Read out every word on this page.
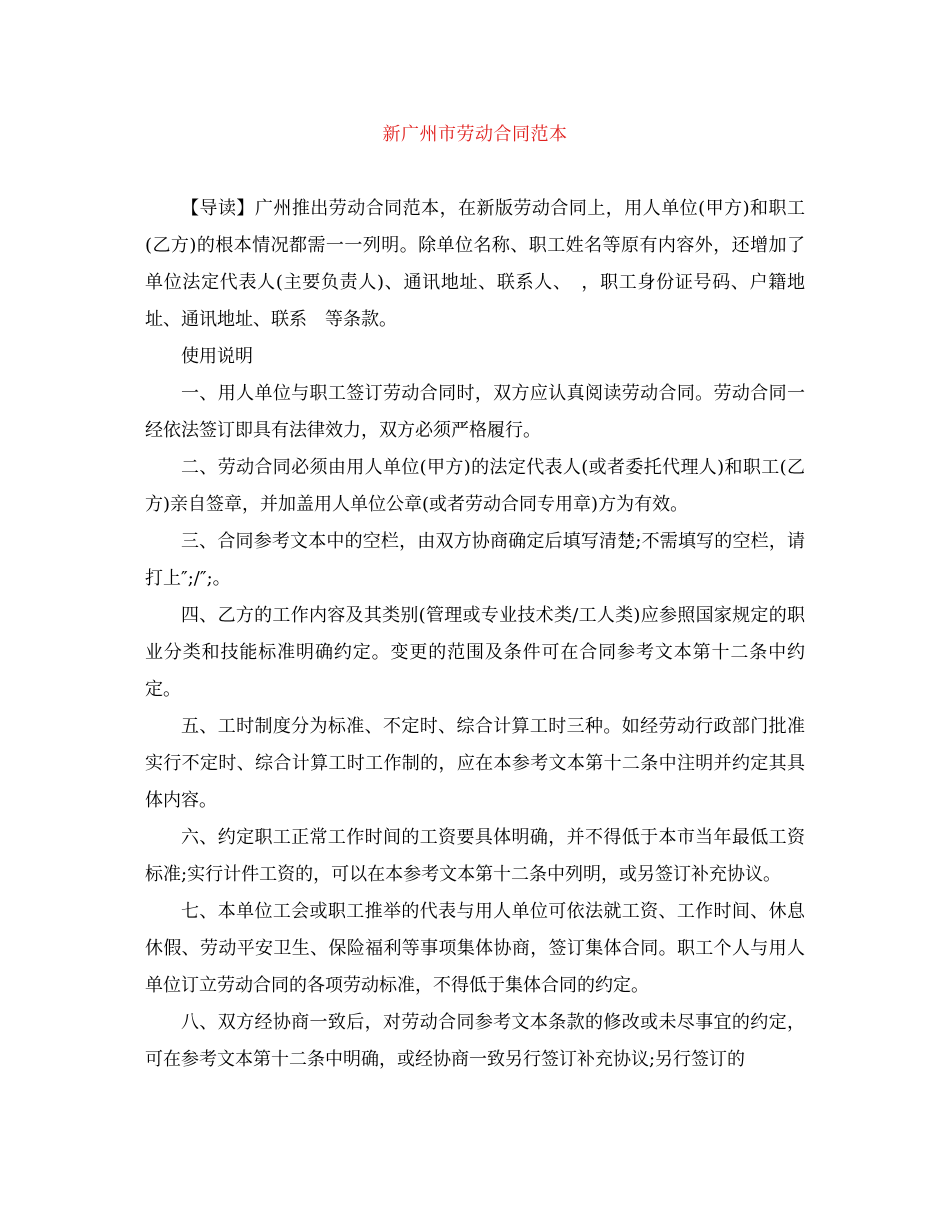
新广州市劳动合同范本

【导读】广州推出劳动合同范本，在新版劳动合同上，用人单位(甲方)和职工(乙方)的根本情况都需一一列明。除单位名称、职工姓名等原有内容外，还增加了单位法定代表人(主要负责人)、通讯地址、联系人、　，职工身份证号码、户籍地址、通讯地址、联系　等条款。

使用说明

一、用人单位与职工签订劳动合同时，双方应认真阅读劳动合同。劳动合同一经依法签订即具有法律效力，双方必须严格履行。

二、劳动合同必须由用人单位(甲方)的法定代表人(或者委托代理人)和职工(乙方)亲自签章，并加盖用人单位公章(或者劳动合同专用章)方为有效。

三、合同参考文本中的空栏，由双方协商确定后填写清楚;不需填写的空栏，请打上″;/″;。

四、乙方的工作内容及其类别(管理或专业技术类/工人类)应参照国家规定的职业分类和技能标准明确约定。变更的范围及条件可在合同参考文本第十二条中约定。

五、工时制度分为标准、不定时、综合计算工时三种。如经劳动行政部门批准实行不定时、综合计算工时工作制的，应在本参考文本第十二条中注明并约定其具体内容。

六、约定职工正常工作时间的工资要具体明确，并不得低于本市当年最低工资标准;实行计件工资的，可以在本参考文本第十二条中列明，或另签订补充协议。

七、本单位工会或职工推举的代表与用人单位可依法就工资、工作时间、休息休假、劳动平安卫生、保险福利等事项集体协商，签订集体合同。职工个人与用人单位订立劳动合同的各项劳动标准，不得低于集体合同的约定。

八、双方经协商一致后，对劳动合同参考文本条款的修改或未尽事宜的约定，可在参考文本第十二条中明确，或经协商一致另行签订补充协议;另行签订的
